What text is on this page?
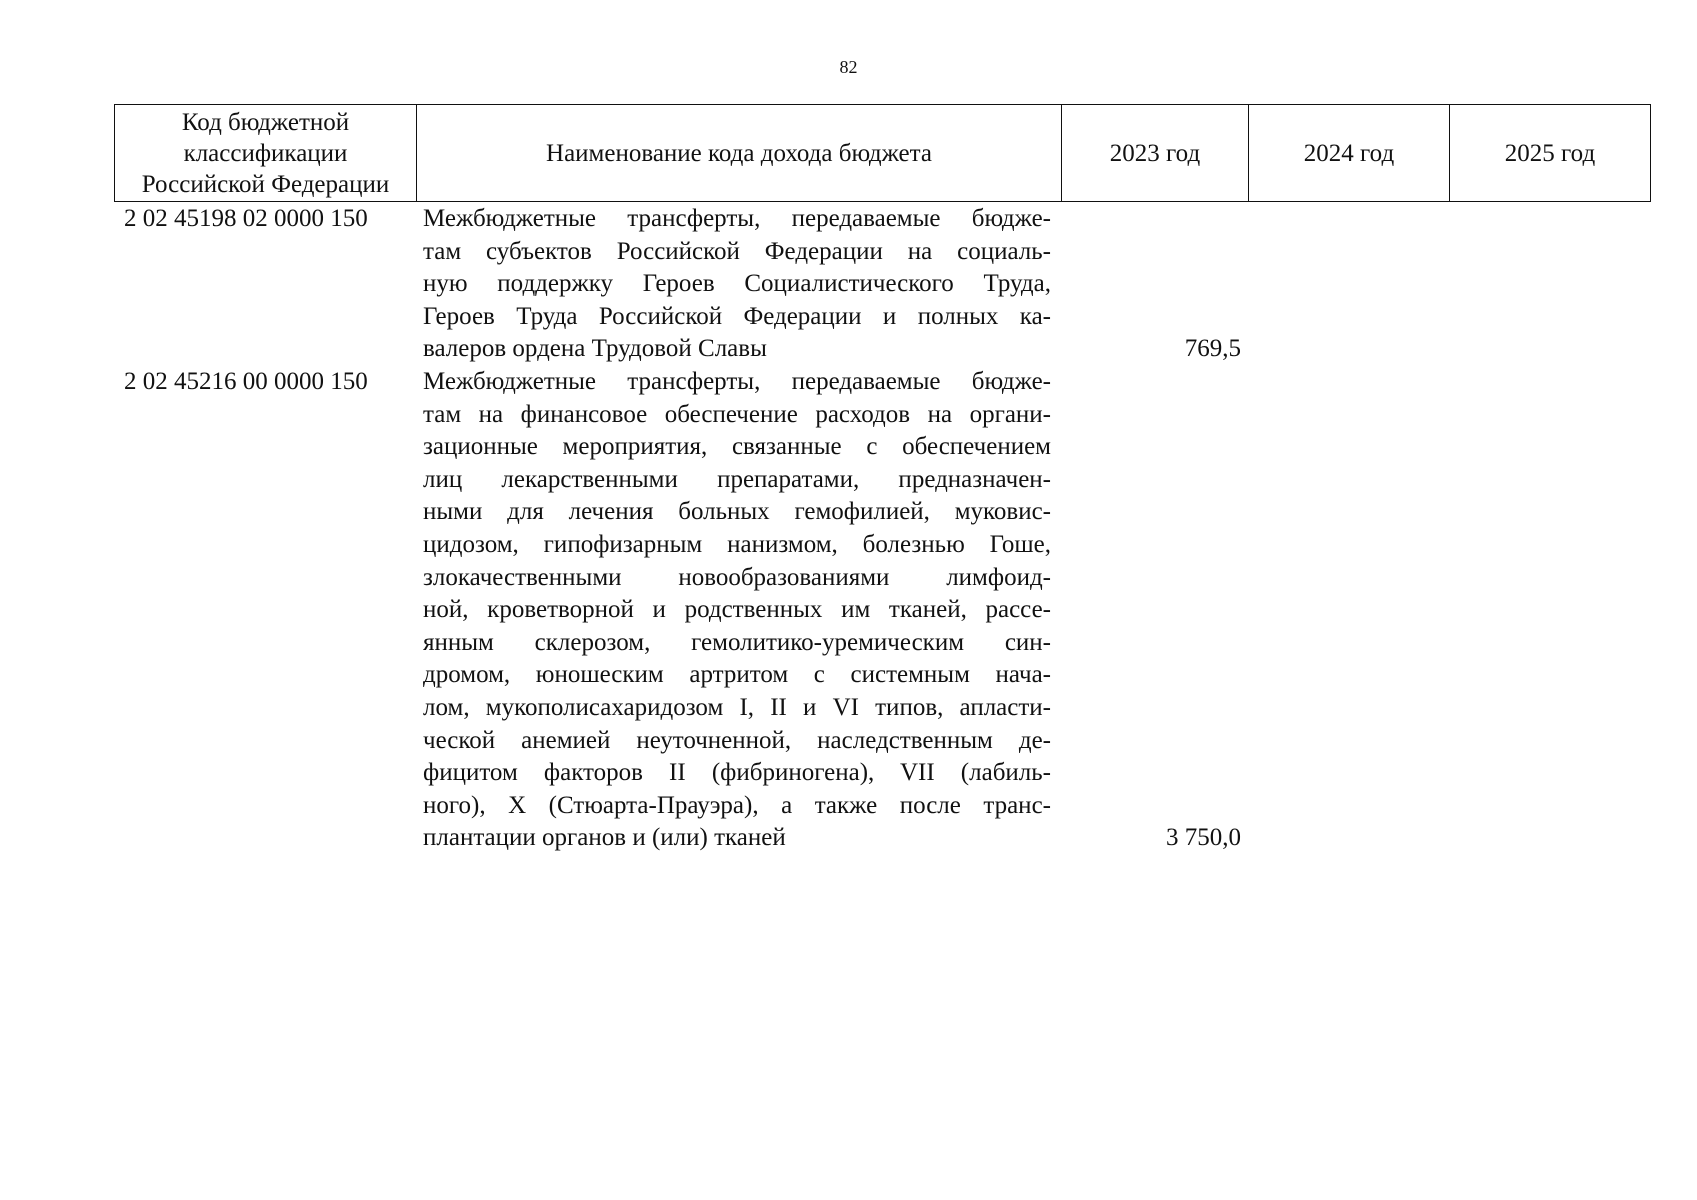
82
Код бюджетной
классификации
Российской Федерации	Наименование кода дохода бюджета	2023 год	2024 год	2025 год
2 02 45198 02 0000 150	Межбюджетные трансферты, передаваемые бюдже-
там субъектов Российской Федерации на социаль-
ную поддержку Героев Социалистического Труда,
Героев Труда Российской Федерации и полных ка-
валеров ордена Трудовой Славы	769,5
2 02 45216 00 0000 150	Межбюджетные трансферты, передаваемые бюдже-
там на финансовое обеспечение расходов на органи-
зационные мероприятия, связанные с обеспечением
лиц лекарственными препаратами, предназначен-
ными для лечения больных гемофилией, муковис-
цидозом, гипофизарным нанизмом, болезнью Гоше,
злокачественными новообразованиями лимфоид-
ной, кроветворной и родственных им тканей, рассе-
янным склерозом, гемолитико-уремическим син-
дромом, юношеским артритом с системным нача-
лом, мукополисахаридозом I, II и VI типов, апласти-
ческой анемией неуточненной, наследственным де-
фицитом факторов II (фибриногена), VII (лабиль-
ного), X (Стюарта-Прауэра), а также после транс-
плантации органов и (или) тканей	3 750,0
